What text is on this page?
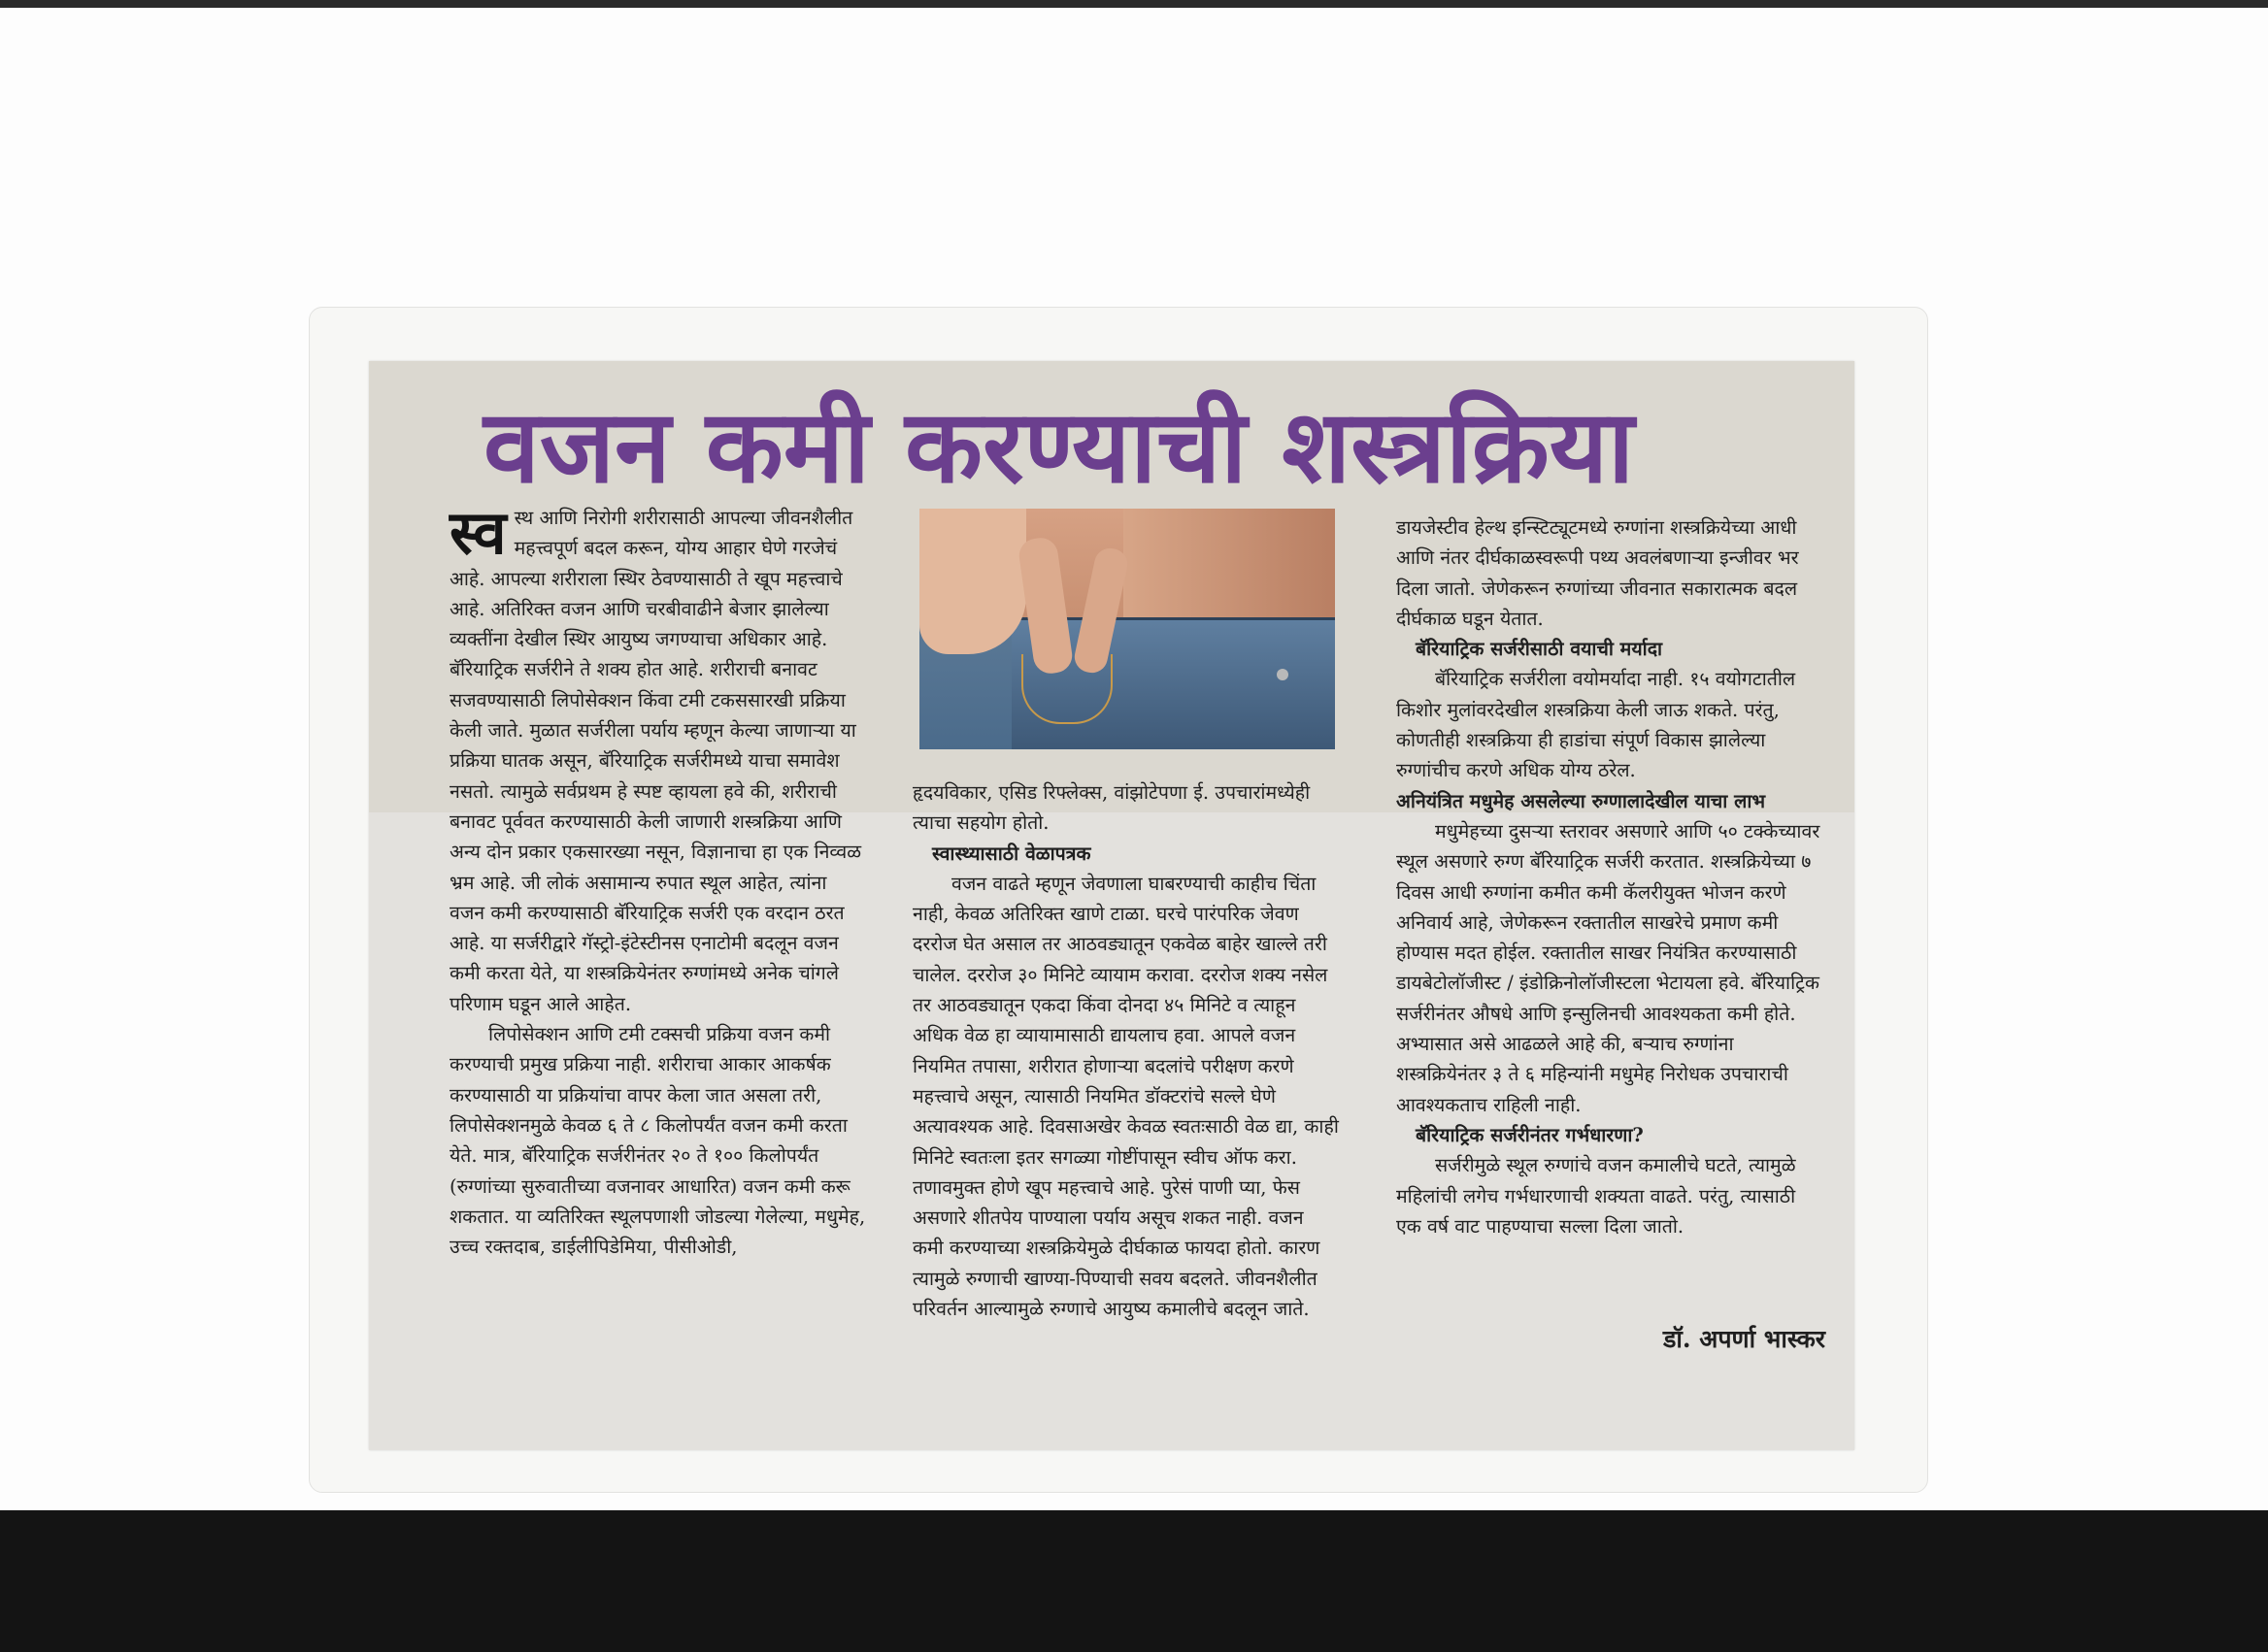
वजन कमी करण्याची शस्त्रक्रिया

स्व स्थ आणि निरोगी शरीरासाठी आपल्या जीवनशैलीत महत्त्वपूर्ण बदल करून, योग्य आहार घेणे गरजेचं आहे. आपल्या शरीराला स्थिर ठेवण्यासाठी ते खूप महत्त्वाचे आहे. अतिरिक्त वजन आणि चरबीवाढीने बेजार झालेल्या व्यक्तींना देखील स्थिर आयुष्य जगण्याचा अधिकार आहे. बॅरियाट्रिक सर्जरीने ते शक्य होत आहे. शरीराची बनावट सजवण्यासाठी लिपोसेक्शन किंवा टमी टकससारखी प्रक्रिया केली जाते. मुळात सर्जरीला पर्याय म्हणून केल्या जाणाऱ्या या प्रक्रिया घातक असून, बॅरियाट्रिक सर्जरीमध्ये याचा समावेश नसतो. त्यामुळे सर्वप्रथम हे स्पष्ट व्हायला हवे की, शरीराची बनावट पूर्ववत करण्यासाठी केली जाणारी शस्त्रक्रिया आणि अन्य दोन प्रकार एकसारख्या नसून, विज्ञानाचा हा एक निव्वळ भ्रम आहे. जी लोकं असामान्य रुपात स्थूल आहेत, त्यांना वजन कमी करण्यासाठी बॅरियाट्रिक सर्जरी एक वरदान ठरत आहे. या सर्जरीद्वारे गॅस्ट्रो-इंटेस्टीनस एनाटोमी बदलून वजन कमी करता येते, या शस्त्रक्रियेनंतर रुग्णांमध्ये अनेक चांगले परिणाम घडून आले आहेत.

लिपोसेक्शन आणि टमी टक्सची प्रक्रिया वजन कमी करण्याची प्रमुख प्रक्रिया नाही. शरीराचा आकार आकर्षक करण्यासाठी या प्रक्रियांचा वापर केला जात असला तरी, लिपोसेक्शनमुळे केवळ ६ ते ८ किलोपर्यंत वजन कमी करता येते. मात्र, बॅरियाट्रिक सर्जरीनंतर २० ते १०० किलोपर्यंत (रुग्णांच्या सुरुवातीच्या वजनावर आधारित) वजन कमी करू शकतात. या व्यतिरिक्त स्थूलपणाशी जोडल्या गेलेल्या, मधुमेह, उच्च रक्तदाब, डाईलीपिडेमिया, पीसीओडी,

हृदयविकार, एसिड रिफ्लेक्स, वांझोटेपणा ई. उपचारांमध्येही त्याचा सहयोग होतो.

स्वास्थ्यासाठी वेळापत्रक

वजन वाढते म्हणून जेवणाला घाबरण्याची काहीच चिंता नाही, केवळ अतिरिक्त खाणे टाळा. घरचे पारंपरिक जेवण दररोज घेत असाल तर आठवड्यातून एकवेळ बाहेर खाल्ले तरी चालेल. दररोज ३० मिनिटे व्यायाम करावा. दररोज शक्य नसेल तर आठवड्यातून एकदा किंवा दोनदा ४५ मिनिटे व त्याहून अधिक वेळ हा व्यायामासाठी द्यायलाच हवा. आपले वजन नियमित तपासा, शरीरात होणाऱ्या बदलांचे परीक्षण करणे महत्त्वाचे असून, त्यासाठी नियमित डॉक्टरांचे सल्ले घेणे अत्यावश्यक आहे. दिवसाअखेर केवळ स्वतःसाठी वेळ द्या, काही मिनिटे स्वतःला इतर सगळ्या गोष्टींपासून स्वीच ऑफ करा. तणावमुक्त होणे खूप महत्त्वाचे आहे. पुरेसं पाणी प्या, फेस असणारे शीतपेय पाण्याला पर्याय असूच शकत नाही. वजन कमी करण्याच्या शस्त्रक्रियेमुळे दीर्घकाळ फायदा होतो. कारण त्यामुळे रुग्णाची खाण्या-पिण्याची सवय बदलते. जीवनशैलीत परिवर्तन आल्यामुळे रुग्णाचे आयुष्य कमालीचे बदलून जाते.

डायजेस्टीव हेल्थ इन्स्टिट्यूटमध्ये रुग्णांना शस्त्रक्रियेच्या आधी आणि नंतर दीर्घकाळस्वरूपी पथ्य अवलंबणाऱ्या इन्जीवर भर दिला जातो. जेणेकरून रुग्णांच्या जीवनात सकारात्मक बदल दीर्घकाळ घडून येतात.

बॅरियाट्रिक सर्जरीसाठी वयाची मर्यादा

बॅरियाट्रिक सर्जरीला वयोमर्यादा नाही. १५ वयोगटातील किशोर मुलांवरदेखील शस्त्रक्रिया केली जाऊ शकते. परंतु, कोणतीही शस्त्रक्रिया ही हाडांचा संपूर्ण विकास झालेल्या रुग्णांचीच करणे अधिक योग्य ठरेल.

अनियंत्रित मधुमेह असलेल्या रुग्णालादेखील याचा लाभ

मधुमेहच्या दुसऱ्या स्तरावर असणारे आणि ५० टक्केच्यावर स्थूल असणारे रुग्ण बॅरियाट्रिक सर्जरी करतात. शस्त्रक्रियेच्या ७ दिवस आधी रुग्णांना कमीत कमी कॅलरीयुक्त भोजन करणे अनिवार्य आहे, जेणेकरून रक्तातील साखरेचे प्रमाण कमी होण्यास मदत होईल. रक्तातील साखर नियंत्रित करण्यासाठी डायबेटोलॉजीस्ट / इंडोक्रिनोलॉजीस्टला भेटायला हवे. बॅरियाट्रिक सर्जरीनंतर औषधे आणि इन्सुलिनची आवश्यकता कमी होते. अभ्यासात असे आढळले आहे की, बऱ्याच रुग्णांना शस्त्रक्रियेनंतर ३ ते ६ महिन्यांनी मधुमेह निरोधक उपचाराची आवश्यकताच राहिली नाही.

बॅरियाट्रिक सर्जरीनंतर गर्भधारणा?

सर्जरीमुळे स्थूल रुग्णांचे वजन कमालीचे घटते, त्यामुळे महिलांची लगेच गर्भधारणाची शक्यता वाढते. परंतु, त्यासाठी एक वर्ष वाट पाहण्याचा सल्ला दिला जातो.

डॉ. अपर्णा भास्कर
